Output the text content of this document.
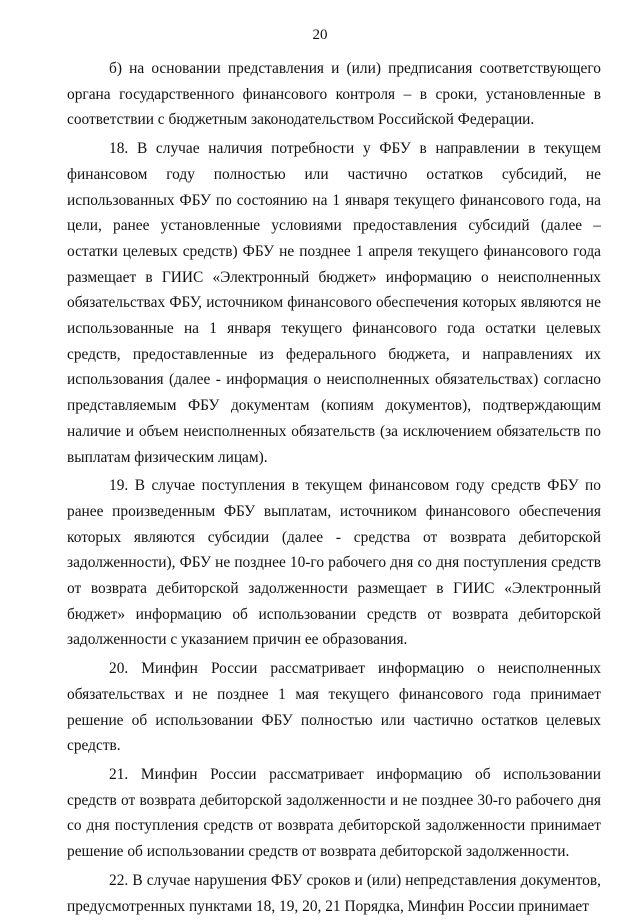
20

б) на основании представления и (или) предписания соответствующего органа государственного финансового контроля – в сроки, установленные в соответствии с бюджетным законодательством Российской Федерации.

18. В случае наличия потребности у ФБУ в направлении в текущем финансовом году полностью или частично остатков субсидий, не использованных ФБУ по состоянию на 1 января текущего финансового года, на цели, ранее установленные условиями предоставления субсидий (далее – остатки целевых средств) ФБУ не позднее 1 апреля текущего финансового года размещает в ГИИС «Электронный бюджет» информацию о неисполненных обязательствах ФБУ, источником финансового обеспечения которых являются не использованные на 1 января текущего финансового года остатки целевых средств, предоставленные из федерального бюджета, и направлениях их использования (далее - информация о неисполненных обязательствах) согласно представляемым ФБУ документам (копиям документов), подтверждающим наличие и объем неисполненных обязательств (за исключением обязательств по выплатам физическим лицам).

19. В случае поступления в текущем финансовом году средств ФБУ по ранее произведенным ФБУ выплатам, источником финансового обеспечения которых являются субсидии (далее - средства от возврата дебиторской задолженности), ФБУ не позднее 10-го рабочего дня со дня поступления средств от возврата дебиторской задолженности размещает в ГИИС «Электронный бюджет» информацию об использовании средств от возврата дебиторской задолженности с указанием причин ее образования.

20. Минфин России рассматривает информацию о неисполненных обязательствах и не позднее 1 мая текущего финансового года принимает решение об использовании ФБУ полностью или частично остатков целевых средств.

21. Минфин России рассматривает информацию об использовании средств от возврата дебиторской задолженности и не позднее 30-го рабочего дня со дня поступления средств от возврата дебиторской задолженности принимает решение об использовании средств от возврата дебиторской задолженности.

22. В случае нарушения ФБУ сроков и (или) непредставления документов, предусмотренных пунктами 18, 19, 20, 21 Порядка, Минфин России принимает
